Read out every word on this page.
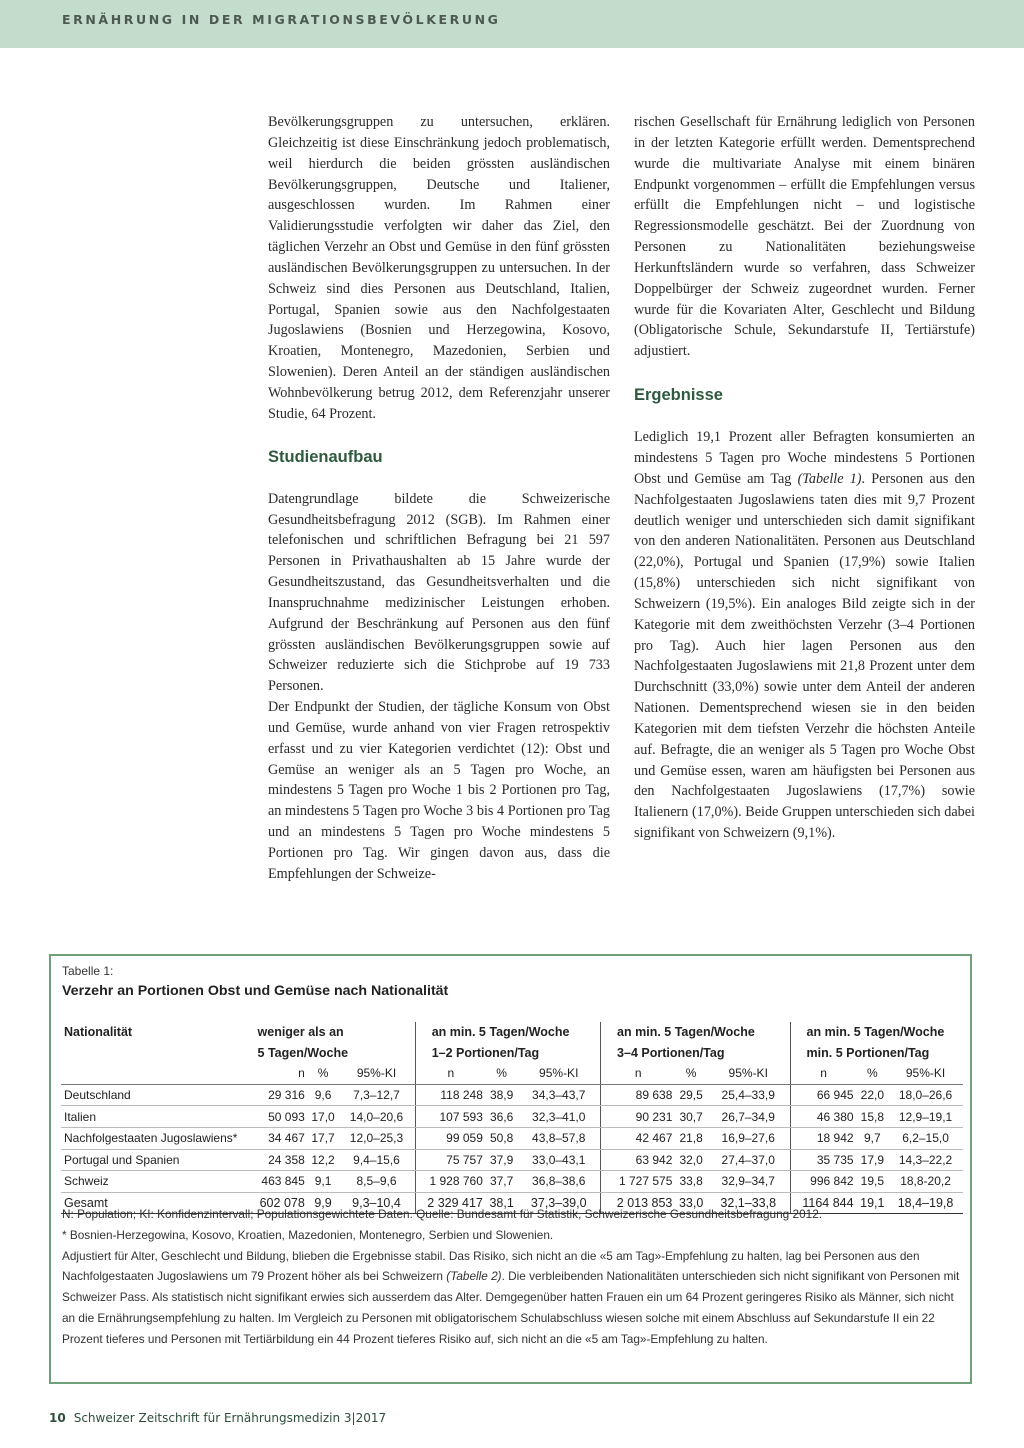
ERNÄHRUNG IN DER MIGRATIONSBEVÖLKERUNG

Bevölkerungsgruppen zu untersuchen, erklären. Gleichzeitig ist diese Einschränkung jedoch problematisch, weil hierdurch die beiden grössten ausländischen Bevölkerungsgruppen, Deutsche und Italiener, ausgeschlossen wurden. Im Rahmen einer Validierungsstudie verfolgten wir daher das Ziel, den täglichen Verzehr an Obst und Gemüse in den fünf grössten ausländischen Bevölkerungsgruppen zu untersuchen. In der Schweiz sind dies Personen aus Deutschland, Italien, Portugal, Spanien sowie aus den Nachfolgestaaten Jugoslawiens (Bosnien und Herzegowina, Kosovo, Kroatien, Montenegro, Mazedonien, Serbien und Slowenien). Deren Anteil an der ständigen ausländischen Wohnbevölkerung betrug 2012, dem Referenzjahr unserer Studie, 64 Prozent.

Studienaufbau

Datengrundlage bildete die Schweizerische Gesundheitsbefragung 2012 (SGB). Im Rahmen einer telefonischen und schriftlichen Befragung bei 21 597 Personen in Privathaushalten ab 15 Jahre wurde der Gesundheitszustand, das Gesundheitsverhalten und die Inanspruchnahme medizinischer Leistungen erhoben. Aufgrund der Beschränkung auf Personen aus den fünf grössten ausländischen Bevölkerungsgruppen sowie auf Schweizer reduzierte sich die Stichprobe auf 19 733 Personen.

Der Endpunkt der Studien, der tägliche Konsum von Obst und Gemüse, wurde anhand von vier Fragen retrospektiv erfasst und zu vier Kategorien verdichtet (12): Obst und Gemüse an weniger als an 5 Tagen pro Woche, an mindestens 5 Tagen pro Woche 1 bis 2 Portionen pro Tag, an mindestens 5 Tagen pro Woche 3 bis 4 Portionen pro Tag und an mindestens 5 Tagen pro Woche mindestens 5 Portionen pro Tag. Wir gingen davon aus, dass die Empfehlungen der Schweize-

rischen Gesellschaft für Ernährung lediglich von Personen in der letzten Kategorie erfüllt werden. Dementsprechend wurde die multivariate Analyse mit einem binären Endpunkt vorgenommen – erfüllt die Empfehlungen versus erfüllt die Empfehlungen nicht – und logistische Regressionsmodelle geschätzt. Bei der Zuordnung von Personen zu Nationalitäten beziehungsweise Herkunftsländern wurde so verfahren, dass Schweizer Doppelbürger der Schweiz zugeordnet wurden. Ferner wurde für die Kovariaten Alter, Geschlecht und Bildung (Obligatorische Schule, Sekundarstufe II, Tertiärstufe) adjustiert.

Ergebnisse

Lediglich 19,1 Prozent aller Befragten konsumierten an mindestens 5 Tagen pro Woche mindestens 5 Portionen Obst und Gemüse am Tag (Tabelle 1). Personen aus den Nachfolgestaaten Jugoslawiens taten dies mit 9,7 Prozent deutlich weniger und unterschieden sich damit signifikant von den anderen Nationalitäten. Personen aus Deutschland (22,0%), Portugal und Spanien (17,9%) sowie Italien (15,8%) unterschieden sich nicht signifikant von Schweizern (19,5%). Ein analoges Bild zeigte sich in der Kategorie mit dem zweithöchsten Verzehr (3–4 Portionen pro Tag). Auch hier lagen Personen aus den Nachfolgestaaten Jugoslawiens mit 21,8 Prozent unter dem Durchschnitt (33,0%) sowie unter dem Anteil der anderen Nationen. Dementsprechend wiesen sie in den beiden Kategorien mit dem tiefsten Verzehr die höchsten Anteile auf. Befragte, die an weniger als 5 Tagen pro Woche Obst und Gemüse essen, waren am häufigsten bei Personen aus den Nachfolgestaaten Jugoslawiens (17,7%) sowie Italienern (17,0%). Beide Gruppen unterschieden sich dabei signifikant von Schweizern (9,1%).

Tabelle 1:
Verzehr an Portionen Obst und Gemüse nach Nationalität
Nationalität	weniger als an			an min. 5 Tagen/Woche			an min. 5 Tagen/Woche			an min. 5 Tagen/Woche		
	5 Tagen/Woche			1–2 Portionen/Tag			3–4 Portionen/Tag			min. 5 Portionen/Tag		
	n	%	95%-KI	n	%	95%-KI	n	%	95%-KI	n	%	95%-KI
Deutschland	29 316	9,6	7,3–12,7	118 248	38,9	34,3–43,7	89 638	29,5	25,4–33,9	66 945	22,0	18,0–26,6
Italien	50 093	17,0	14,0–20,6	107 593	36,6	32,3–41,0	90 231	30,7	26,7–34,9	46 380	15,8	12,9–19,1
Nachfolgestaaten Jugoslawiens*	34 467	17,7	12,0–25,3	99 059	50,8	43,8–57,8	42 467	21,8	16,9–27,6	18 942	9,7	6,2–15,0
Portugal und Spanien	24 358	12,2	9,4–15,6	75 757	37,9	33,0–43,1	63 942	32,0	27,4–37,0	35 735	17,9	14,3–22,2
Schweiz	463 845	9,1	8,5–9,6	1 928 760	37,7	36,8–38,6	1 727 575	33,8	32,9–34,7	996 842	19,5	18,8-20,2
Gesamt	602 078	9,9	9,3–10,4	2 329 417	38,1	37,3–39,0	2 013 853	33,0	32,1–33,8	1164 844	19,1	18,4–19,8

N: Population; KI: Konfidenzintervall; Populationsgewichtete Daten. Quelle: Bundesamt für Statistik, Schweizerische Gesundheitsbefragung 2012.

* Bosnien-Herzegowina, Kosovo, Kroatien, Mazedonien, Montenegro, Serbien und Slowenien.

Adjustiert für Alter, Geschlecht und Bildung, blieben die Ergebnisse stabil. Das Risiko, sich nicht an die «5 am Tag»-Empfehlung zu halten, lag bei Personen aus den Nachfolgestaaten Jugoslawiens um 79 Prozent höher als bei Schweizern (Tabelle 2). Die verbleibenden Nationalitäten unterschieden sich nicht signifikant von Personen mit Schweizer Pass. Als statistisch nicht signifikant erwies sich ausserdem das Alter. Demgegenüber hatten Frauen ein um 64 Prozent geringeres Risiko als Männer, sich nicht an die Ernährungsempfehlung zu halten. Im Vergleich zu Personen mit obligatorischem Schulabschluss wiesen solche mit einem Abschluss auf Sekundarstufe II ein 22 Prozent tieferes und Personen mit Tertiärbildung ein 44 Prozent tieferes Risiko auf, sich nicht an die «5 am Tag»-Empfehlung zu halten.

10 Schweizer Zeitschrift für Ernährungsmedizin 3|2017
